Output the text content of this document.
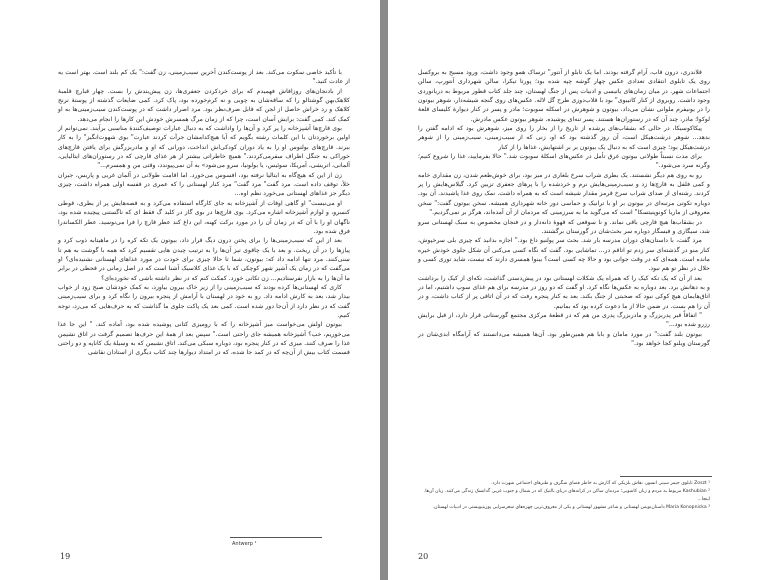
با تأکید خاصی سکوت می‌کند. بعد از پوست‌کندن آخرین سیب‌زمینی، زن گفت:" یک کم بلند است. بهتر است یه از عادت کنید."

از بادنجان‌های روزافاش فهمیدم که برای خردکردن جعفری‌ها، زن پیش‌بندش را بست. چهار قبارچ قلمبهٔ کلاهک‌بهن گوشتالو را که ساقه‌شان به چوبی و نه کرم‌خورده بود، پاک کرد. کمی ضایعات گذشته از پوستهٔ ترنج کلاهک و رد خراش حاصل از لجن که قابل صرف‌نظر بود. مرد اصرار داشت که در پوست‌کندن سیب‌زمینی‌ها به او کمک کند. کمی گفت: برایش آسان است، چرا که از زمان مرگ همسرش خودش این کارها را انجام می‌دهد.

بوی قارچ‌ها آشپزخانه را پر کرد و آن‌ها را واداشت که به دنبال عبارات توصیف‌کنندهٔ مناسبی برآیند. نمی‌توانم از اولین برخوردتان با این کلمات رشته بگویم که آیا هیچ‌کدامشان جرأت کردند عبارت" بوی شهوت‌انگیز" را به کار ببرند. قارچ‌های بولتوس او را به یاد دوران کودکی‌اش انداخت، دورانی که او و مادربزرگش برای یافتن قارچ‌های خوراکی به جنگل اطراف سفرمی‌کردند." همیچ خاطراتی بیشتر از هر غذای قارچی که در رستوران‌های ایتالیایی، آلمانی، اتریشی، آمریکا، سوئیس، یا بولونیا، سرو می‌شود» به آن نمی‌پیوندد، وقتی من و همسرم..."

زن از این که هیچ‌گاه به ایتالیا نرفته بود، افسوس می‌خورد. اما اقامت طولانی در آلمان غربی و پاریس، جبران خلأ، توقف داده است. مرد گفت" مرد گفت" مرد کنار لهستانی را که عمری در قفسه اولی همراه داشت، چیزی دیگر جز غذاهای لهستانی می‌خورد نظم اوه...

او می‌نیست" او گاهی اوقات از آشپزخانه به جای کارگاه استفاده می‌کرد و به قصه‌هایش پر از بطری، قوطی کنسرو، و لوازم آشپزخانه اشاره می‌کرد. بوی قارچ‌ها در بوی گاز در کلید گ فقط ای که ناگستنی پیچیده شده بود، ناگهان او را با آن که در زمان آن را در مورد برکت کهنه، این داغ کند عطر قارچ را فرا می‌نوسید. عطر الکساندرا فرق شده بود.

بعد از این که سیب‌زمینی‌ها را برای پختن درون دیگ قرار داد، بیوتون یک تکه کره را در ماهیتابه ذوب کرد و پیاز‌ها را در آن ریخت. و بعد با یک چاقوی تیز آن‌ها را به ترتیب چیدن هایی تقسیم کرد که همه با گوشت به هم تا سنی‌کنند. مرد تنها ادامه داد که: بیوتون، شما تا حالا چیزی برای خودت در مورد غذاهای لهستانی نشنیده‌ای؟ او می‌گفت که در زمان یک آشپز شهر کوچکی که با یک غذای کلاسیک آشنا است که در اصل زمانی در قحطی در برابر ما آن‌ها را به بازار نفرستادیم... زن تکانی خورد. کمکت کنم که در نظر داشته باشی که نخورده‌ای؟

کاری که لهستانی‌ها کرده بودند که سیب‌زمینی را از زیر خاک بیرون بیاورد، به کمک خودشان صبح زود از خواب بیدار شد، بعد به کارش ادامه داد. رو به خود در لهستان با آرامش از پنجره بیرون را نگاه کرد و برای سیب‌زمینی گفت که در نظر دارد از آن‌جا دور شده است. کمی بعد یک پاکت جلوی ما گذاشت که به حرف‌هایی که می‌زد، توجه کنیم.

بیوتون اولش می‌خواست میز آشپزخانه را که با روميزی کتانی پوشیده شده بود، آماده کند. " این جا غذا می‌خوریم، خب؟ آشپزخانه همیشه جای راحتی است." سپس بعد از همهٔ این حرف‌ها تصمیم گرفت در اتاق نشیمن غذا را صرف کنند. میزی که در کنار پنجره بود، دوباره سبکی می‌کند. اتاق نشیمن که به وسیلهٔ یک کاناپه و دو راحتی قسمت کتاب بیش از آن‌چه که در کمد جا شده، که در امتداد دیوارها چند کتاب دیگری از استادان نقاشی

Antwerp ¹
19

قلاندری، درون قاب، آرام گرفته بودند. اما یک تابلو از آنتور" ترساک همو وجود داشت، ورود مسیح به بروکسل روی یک تابلوی انتقادی تعدادی عکس چهار گوشه چپه شده بود؛ پورتا تیکرا، سالن شهرداری آنتورپ، سالن اجتماعات شهر. در میان زمان‌های یاتیسی و ادبیات پس از جنگ لهستان، چند جلد کتاب قطور مربوط به دریانوردی وجود داشت. روبروی از کنار کاتیبوی" بود با قلاب‌دوزی طرح گل لاله. عکس‌های روی گنجه شیشه‌دار، شوهر بیوتون را در یونیفرم ملوانی نشان می‌داد، بیوتون و شوهرش در اسکله سوبوت؛ مادر و پسر در کنار دیوارهٔ کلیسای قلعهٔ لوکوا؛ مادر، چند آن که در رستوران‌ها هستند. پسر تنه‌ای پوشیده. شوهر بیوتون عکس مادرش.

پیکاکوسیکا، در حالی که بشقاب‌های پرشده از تاریخ را از بخار را روی میز، شوهرش بود که ادامه گفتن را بدهد... شوهر درشت‌هیکل است، آن روز گذشته بود که او، زنی که از سیب‌زمینی، سیب‌زمینی را از شوهر درشت‌هیکل بود؛ چیزی است که به دنبال یک بیوتون بر بر اشتهایش، غذا‌ها را از کنار

برای مدت نسبتاً طولانی بیوتون غرق تأمل در عکس‌های اسکلهٔ سوبوت شد." حالا بفرمایید، غذا را شروع کنیم؛ وگرنه سرد می‌شود."

رو به روی هم دیگر نشستند. یک بطری شراب سرخ بلغاری در میز بود، برای خوش‌طعم شدن، زن مقداری خامه و کمی فلفل به قارچ‌ها زد و سیب‌زمینی‌هایش نرم و خردشده را با پرهای جعفری تزیین کرد. گیلاس‌هایش را پر کردند. رشته‌ای از صدای شراب سرخ قرمز مقدار شیشه است که به همراه داشت. نمک روی غذا پاشیدند. آن بود. دوباره تکوتی مرتبه‌ای در بیوتون بر او با ترانیک و حماسی دور خانه شهرداری همیشه. سخن بیوتون گفت:" سخن معروفی از ماریا کونوپنیتسکا" است که می‌گوید ما به سرزمینی که مردمان از آن آمده‌اند، هرگز بر نمی‌گردیم."

در بشقاب‌ها هیچ قارچی باقی نماند. و نا سوقعی که قهوهٔ دانه‌دار و در فنجان مخصوص به سبک لهستانی سرو شد، سیگاری و فیسگار دوباره سر بحث‌شان در گورستان برگشتند.

مرد گفت، با داستان‌های دوران مدرسه بار شد. بحث سر پولنیو داغ بود." اجازه بدانید که چیزی بلی سرخپوش، کنار منو در گذشته‌ای سر زدم تو اتاقم در... تماشایی بود. گفت که نگاه کسی می‌کنی آن شکل جلوی خودش خیره مانده است. همه‌ای که در وقت جوانی بود و حالا چه کسی است؟ بینوا همسری دارند که نیست، شاید توری کسی و حلال در نظر تو هم نبود.

بعد از آن که یک تکه کیک را که همراه یک شکلات لهستانی بود در پیش‌دستی گذاشت، تکه‌ای از کیک را برداشت و به دهانش برد. بعد دوباره به عکس‌ها نگاه کرد. او گفت که دو روز در مدرسه برای هم غذای سوپ داشتیم، اما در اتاق‌هایمان هیچ کوکی نبود که صحبتی از جنگ بکند. بعد به کنار پنجره رفت که در آن اتاقی پر از کتاب داشت، و در آن را هم بست. در ضمن حالا از ما دعوت کرده بود که بمانیم.

" اتفاقاً قبر پدربزرگ و مادربزرگ پدری من هم که در قطعهٔ مرکزی مجتمع گورستانی قرار دارد، از قبل برایش رزرو شده بود..."

بیوتون بلند گفت:" در مورد مامان و بابا هم همین‌طور بود. آن‌ها همیشه می‌دانستند که آرامگاه ابدی‌شان در گورستان ویلنو کجا خواهد بود."

¹ Zoszt تابلوی جیمز سینی انسور، نقاش بلژیکی که آثارش به خاطر فضای شگرف و طنزهای اجتماعی شهرت دارد.

² Kashubian مربوط به مردم و زبان کاشوبی؛ مردمان ساکن در کرانه‌های دریای بالتیک که در شمال و جنوب غربی گدانسک زندگی می‌کنند. زبان آن‌ها. اینجا...

³ Maria Konopnicka داستان‌نویس لهستانی و شاعر مشهور لهستانی و یکی از معروف‌ترین چهره‌های شعرسرایی پوزیتیویستی در ادبیات لهستان.

20
